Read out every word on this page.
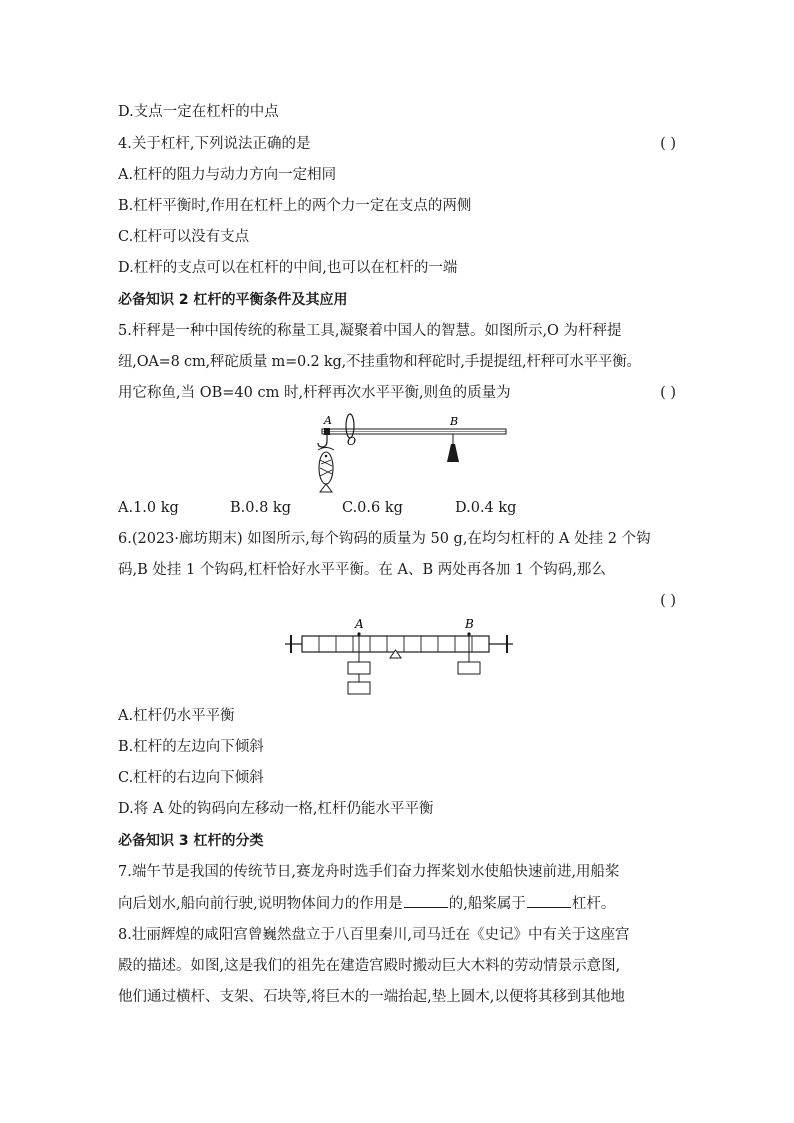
D.支点一定在杠杆的中点
4.关于杠杆,下列说法正确的是	( )
A.杠杆的阻力与动力方向一定相同
B.杠杆平衡时,作用在杠杆上的两个力一定在支点的两侧
C.杠杆可以没有支点
D.杠杆的支点可以在杠杆的中间,也可以在杠杆的一端
必备知识 2 杠杆的平衡条件及其应用
5.杆秤是一种中国传统的称量工具,凝聚着中国人的智慧。如图所示,O 为杆秤提
纽,OA=8 cm,秤砣质量 m=0.2 kg,不挂重物和秤砣时,手提提纽,杆秤可水平平衡。
用它称鱼,当 OB=40 cm 时,杆秤再次水平平衡,则鱼的质量为	( )
A
O
B
A.1.0 kg	B.0.8 kg	C.0.6 kg	D.0.4 kg
6.(2023·廊坊期末) 如图所示,每个钩码的质量为 50 g,在均匀杠杆的 A 处挂 2 个钩
码,B 处挂 1 个钩码,杠杆恰好水平平衡。在 A、B 两处再各加 1 个钩码,那么
( )
A	B
A.杠杆仍水平平衡
B.杠杆的左边向下倾斜
C.杠杆的右边向下倾斜
D.将 A 处的钩码向左移动一格,杠杆仍能水平平衡
必备知识 3 杠杆的分类
7.端午节是我国的传统节日,赛龙舟时选手们奋力挥桨划水使船快速前进,用船桨
向后划水,船向前行驶,说明物体间力的作用是	的,船桨属于	杠杆。
8.壮丽辉煌的咸阳宫曾巍然盘立于八百里秦川,司马迁在《史记》中有关于这座宫
殿的描述。如图,这是我们的祖先在建造宫殿时搬动巨大木料的劳动情景示意图,
他们通过横杆、支架、石块等,将巨木的一端抬起,垫上圆木,以便将其移到其他地
